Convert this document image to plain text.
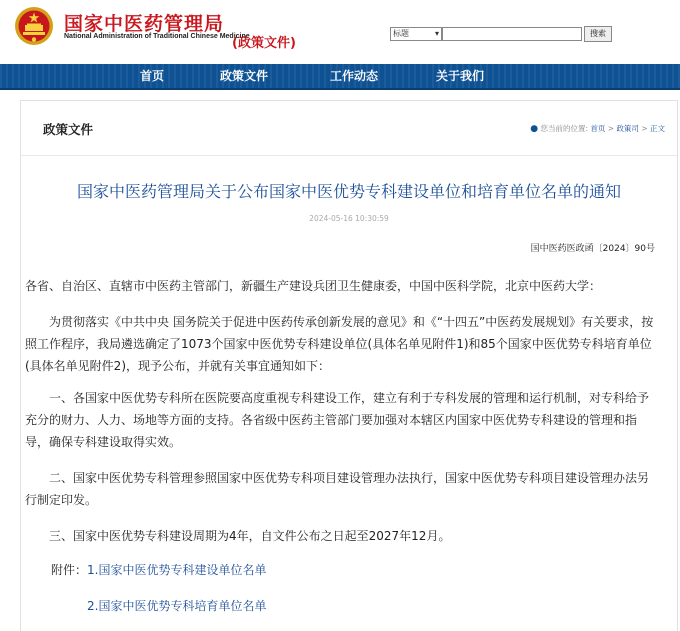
国家中医药管理局
National Administration of Traditional Chinese Medicine
(政策文件)
标题	▾	搜索
首页	政策文件	工作动态	关于我们
政策文件	● 您当前的位置: 首页 > 政策司 > 正文
国家中医药管理局关于公布国家中医优势专科建设单位和培育单位名单的通知
2024-05-16 10:30:59
国中医药医政函〔2024〕90号
各省、自治区、直辖市中医药主管部门，新疆生产建设兵团卫生健康委，中国中医科学院，北京中医药大学：
为贯彻落实《中共中央 国务院关于促进中医药传承创新发展的意见》和《“十四五”中医药发展规划》有关要求，按照工作程序，我局遴选确定了1073个国家中医优势专科建设单位(具体名单见附件1)和85个国家中医优势专科培育单位(具体名单见附件2)，现予公布，并就有关事宜通知如下：
一、各国家中医优势专科所在医院要高度重视专科建设工作，建立有利于专科发展的管理和运行机制，对专科给予充分的财力、人力、场地等方面的支持。各省级中医药主管部门要加强对本辖区内国家中医优势专科建设的管理和指导，确保专科建设取得实效。
二、国家中医优势专科管理参照国家中医优势专科项目建设管理办法执行，国家中医优势专科项目建设管理办法另行制定印发。
三、国家中医优势专科建设周期为4年，自文件公布之日起至2027年12月。
附件： 1.国家中医优势专科建设单位名单
2.国家中医优势专科培育单位名单
